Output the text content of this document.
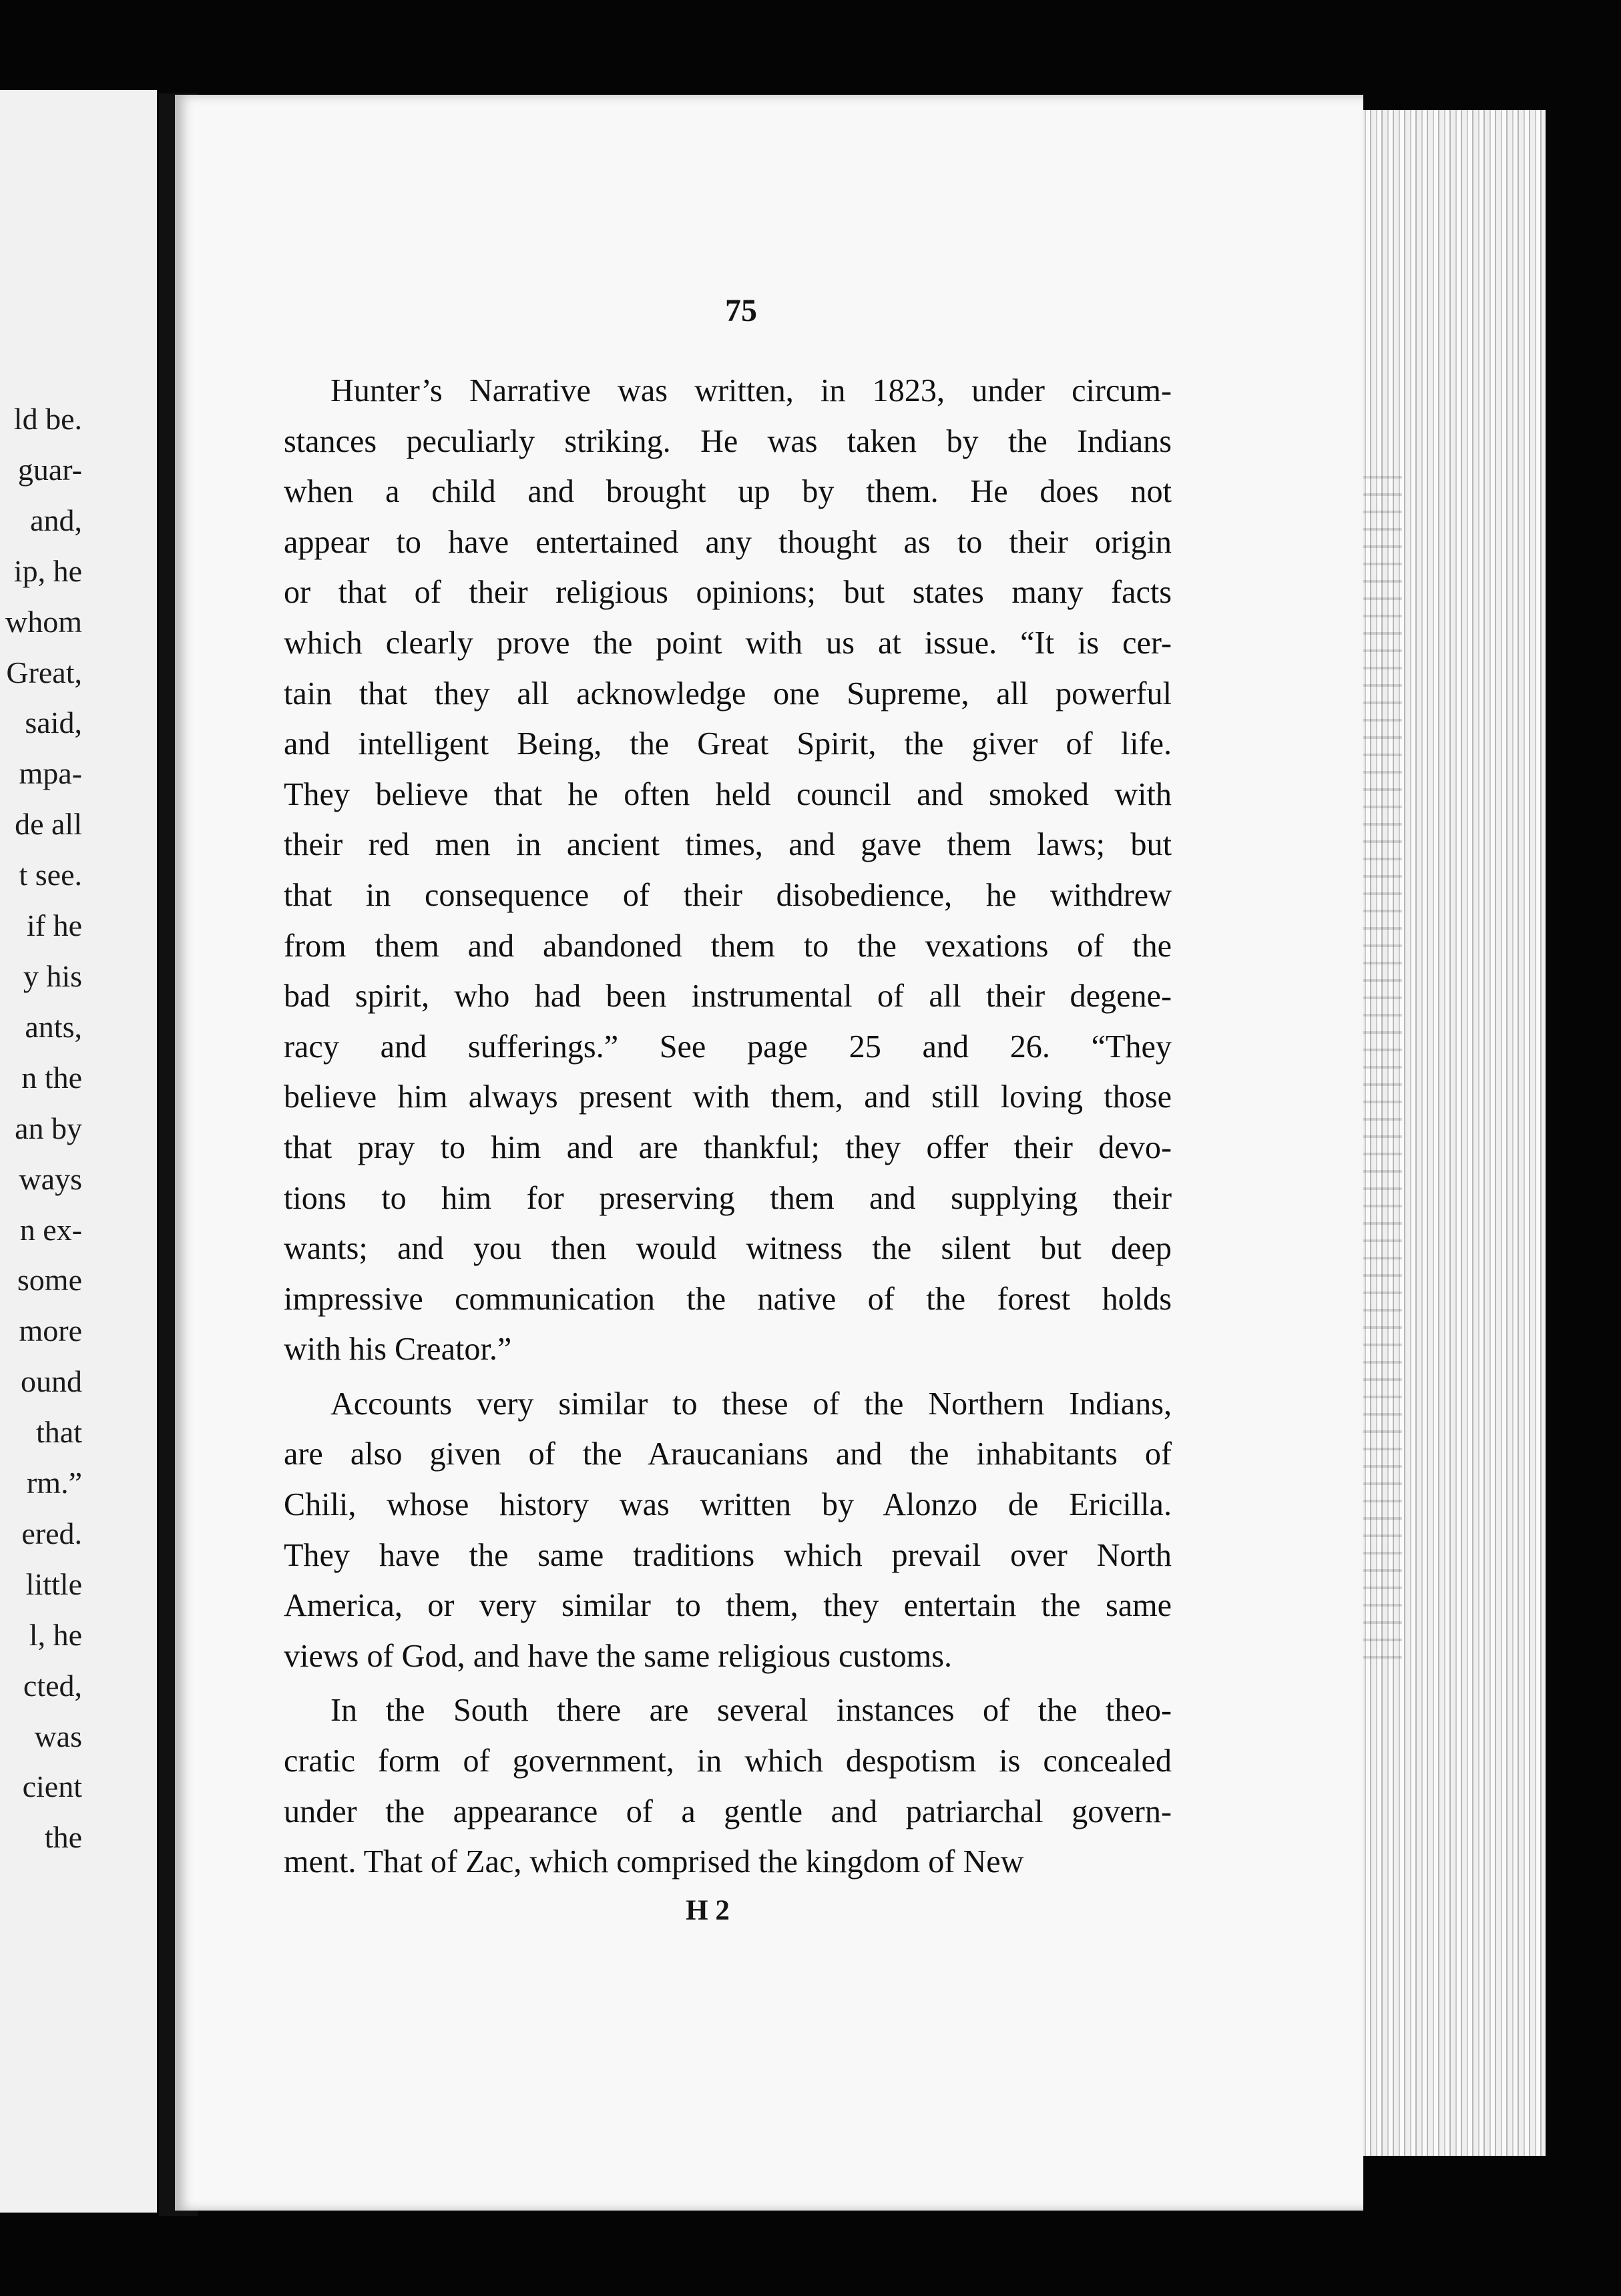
ld be.
guar-
and,
ip, he
whom
Great,
said,
mpa-
de all
t see.
if he
y his
ants,
n the
an by
ways
n ex-
some
more
ound
that
rm.”
ered.
little
l, he
cted,
was
cient
the
75
Hunter’s Narrative was written, in 1823, under circum-
stances peculiarly striking. He was taken by the Indians
when a child and brought up by them. He does not
appear to have entertained any thought as to their origin
or that of their religious opinions; but states many facts
which clearly prove the point with us at issue. “It is cer-
tain that they all acknowledge one Supreme, all powerful
and intelligent Being, the Great Spirit, the giver of life.
They believe that he often held council and smoked with
their red men in ancient times, and gave them laws; but
that in consequence of their disobedience, he withdrew
from them and abandoned them to the vexations of the
bad spirit, who had been instrumental of all their degene-
racy and sufferings.” See page 25 and 26. “They
believe him always present with them, and still loving those
that pray to him and are thankful; they offer their devo-
tions to him for preserving them and supplying their
wants; and you then would witness the silent but deep
impressive communication the native of the forest holds
with his Creator.”
Accounts very similar to these of the Northern Indians,
are also given of the Araucanians and the inhabitants of
Chili, whose history was written by Alonzo de Ericilla.
They have the same traditions which prevail over North
America, or very similar to them, they entertain the same
views of God, and have the same religious customs.
In the South there are several instances of the theo-
cratic form of government, in which despotism is concealed
under the appearance of a gentle and patriarchal govern-
ment. That of Zac, which comprised the kingdom of New
H 2
